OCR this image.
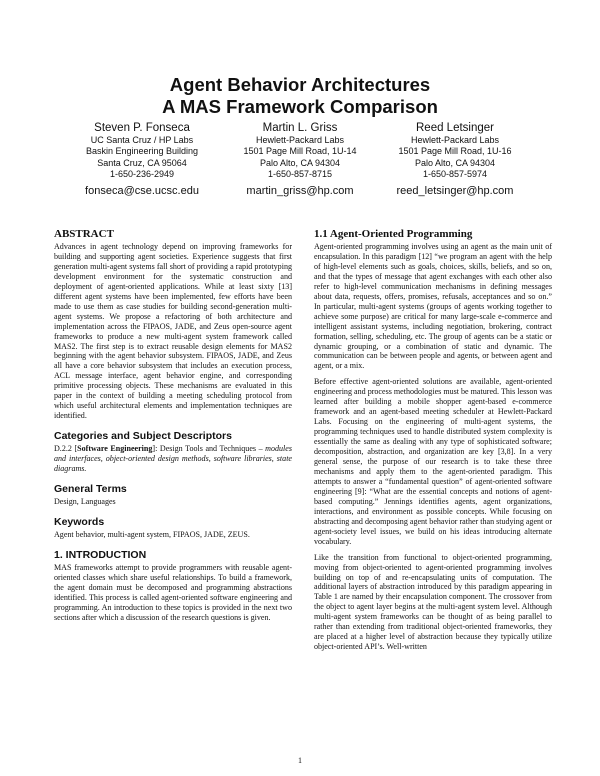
Agent Behavior Architectures
A MAS Framework Comparison
Steven P. Fonseca
UC Santa Cruz / HP Labs
Baskin Engineering Building
Santa Cruz, CA 95064
1-650-236-2949
fonseca@cse.ucsc.edu
Martin L. Griss
Hewlett-Packard Labs
1501 Page Mill Road, 1U-14
Palo Alto, CA 94304
1-650-857-8715
martin_griss@hp.com
Reed Letsinger
Hewlett-Packard Labs
1501 Page Mill Road, 1U-16
Palo Alto, CA 94304
1-650-857-5974
reed_letsinger@hp.com
ABSTRACT

Advances in agent technology depend on improving frameworks for building and supporting agent societies. Experience suggests that first generation multi-agent systems fall short of providing a rapid prototyping development environment for the systematic construction and deployment of agent-oriented applications. While at least sixty [13] different agent systems have been implemented, few efforts have been made to use them as case studies for building second-generation multi-agent systems. We propose a refactoring of both architecture and implementation across the FIPAOS, JADE, and Zeus open-source agent frameworks to produce a new multi-agent system framework called MAS2. The first step is to extract reusable design elements for MAS2 beginning with the agent behavior subsystem. FIPAOS, JADE, and Zeus all have a core behavior subsystem that includes an execution process, ACL message interface, agent behavior engine, and corresponding primitive processing objects. These mechanisms are evaluated in this paper in the context of building a meeting scheduling protocol from which useful architectural elements and implementation techniques are identified.

Categories and Subject Descriptors

D.2.2 [Software Engineering]: Design Tools and Techniques – modules and interfaces, object-oriented design methods, software libraries, state diagrams.

General Terms

Design, Languages

Keywords

Agent behavior, multi-agent system, FIPAOS, JADE, ZEUS.

1. INTRODUCTION

MAS frameworks attempt to provide programmers with reusable agent-oriented classes which share useful relationships. To build a framework, the agent domain must be decomposed and programming abstractions identified. This process is called agent-oriented software engineering and programming. An introduction to these topics is provided in the next two sections after which a discussion of the research questions is given.

1.1 Agent-Oriented Programming

Agent-oriented programming involves using an agent as the main unit of encapsulation. In this paradigm [12] “we program an agent with the help of high-level elements such as goals, choices, skills, beliefs, and so on, and that the types of message that agent exchanges with each other also refer to high-level communication mechanisms in defining messages about data, requests, offers, promises, refusals, acceptances and so on.” In particular, multi-agent systems (groups of agents working together to achieve some purpose) are critical for many large-scale e-commerce and intelligent assistant systems, including negotiation, brokering, contract formation, selling, scheduling, etc. The group of agents can be a static or dynamic grouping, or a combination of static and dynamic. The communication can be between people and agents, or between agent and agent, or a mix.

Before effective agent-oriented solutions are available, agent-oriented engineering and process methodologies must be matured. This lesson was learned after building a mobile shopper agent-based e-commerce framework and an agent-based meeting scheduler at Hewlett-Packard Labs. Focusing on the engineering of multi-agent systems, the programming techniques used to handle distributed system complexity is essentially the same as dealing with any type of sophisticated software; decomposition, abstraction, and organization are key [3,8]. In a very general sense, the purpose of our research is to take these three mechanisms and apply them to the agent-oriented paradigm. This attempts to answer a “fundamental question” of agent-oriented software engineering [9]: “What are the essential concepts and notions of agent-based computing.” Jennings identifies agents, agent organizations, interactions, and environment as possible concepts. While focusing on abstracting and decomposing agent behavior rather than studying agent or agent-society level issues, we build on his ideas introducing alternate vocabulary.

Like the transition from functional to object-oriented programming, moving from object-oriented to agent-oriented programming involves building on top of and re-encapsulating units of computation. The additional layers of abstraction introduced by this paradigm appearing in Table 1 are named by their encapsulation component. The crossover from the object to agent layer begins at the multi-agent system level. Although multi-agent system frameworks can be thought of as being parallel to rather than extending from traditional object-oriented frameworks, they are placed at a higher level of abstraction because they typically utilize object-oriented API’s. Well-written

1
